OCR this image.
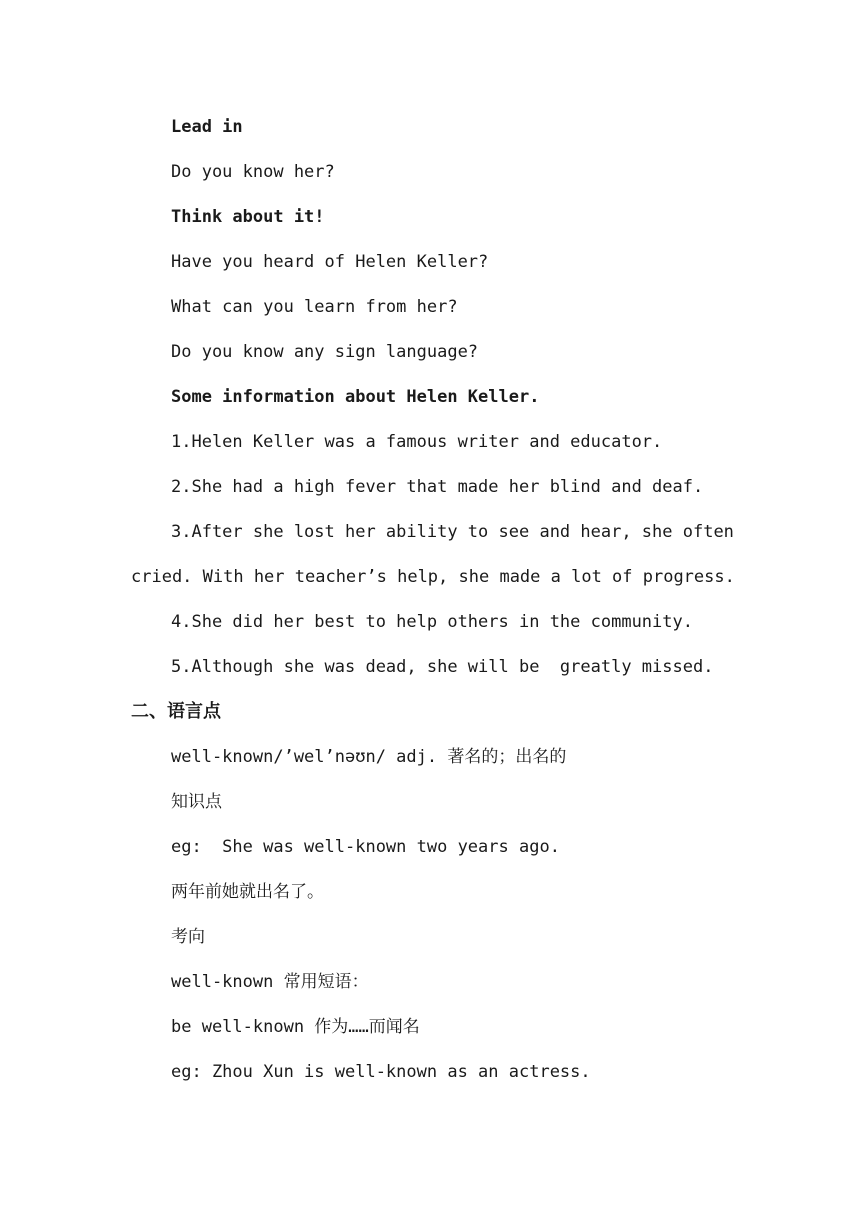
Lead in
Do you know her?
Think about it!
Have you heard of Helen Keller?
What can you learn from her?
Do you know any sign language?
Some information about Helen Keller.
1.Helen Keller was a famous writer and educator.
2.She had a high fever that made her blind and deaf.
3.After she lost her ability to see and hear, she often
cried. With her teacher’s help, she made a lot of progress.
4.She did her best to help others in the community.
5.Although she was dead, she will be  greatly missed.
二、语言点
well-known/’wel’nəʊn/ adj. 著名的；出名的
知识点
eg:  She was well-known two years ago.
两年前她就出名了。
考向
well-known 常用短语：
be well-known 作为……而闻名
eg: Zhou Xun is well-known as an actress.
